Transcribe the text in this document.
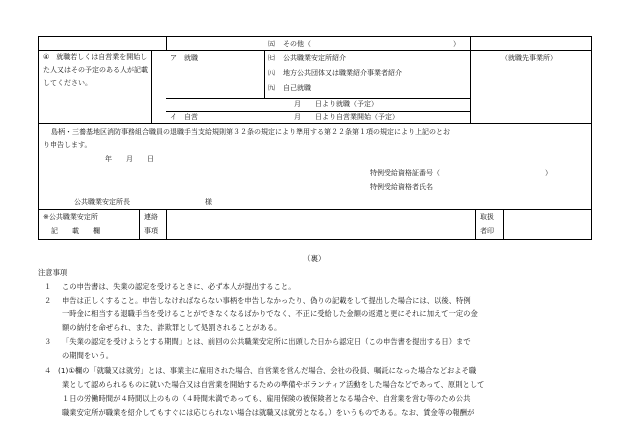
㈤ その他（	）
④　就職若しくは自営業を開始した人又はその予定のある人が記載してください。
ア　就職	㈦ 公共職業安定所紹介
㈧ 地方公共団体又は職業紹介事業者紹介
㈨ 自己就職
月　　日より就職（予定）
（就職先事業所）
イ　自営	月　　日より自営業開始（予定）
島柄・三養基地区消防事務組合職員の退職手当支給規則第３２条の規定により準用する第２２条第１項の規定により上記のとお
り申告します。
年　　月　　日
特例受給資格証番号（	）
特例受給資格者氏名
公共職業安定所長	様
※公共職業安定所
記　　載　　欄
連絡
事項
取扱
者印
（裏）
注意事項
１ この申告書は、失業の認定を受けるときに、必ず本人が提出すること。
２ 申告は正しくすること。申告しなければならない事柄を申告しなかったり、偽りの記載をして提出した場合には、以後、特例
一時金に相当する退職手当を受けることができなくなるばかりでなく、不正に受給した金額の返還と更にそれに加えて一定の金
額の納付を命ぜられ、また、詐欺罪として処罰されることがある。
３ 「失業の認定を受けようとする期間」とは、前回の公共職業安定所に出頭した日から認定日（この申告書を提出する日）まで
の期間をいう。
４ (1)①欄の「就職又は就労」とは、事業主に雇用された場合、自営業を営んだ場合、会社の役員、嘱託になった場合などおよそ職
業として認められるものに就いた場合又は自営業を開始するための準備やボランティア活動をした場合などであって、原則として
１日の労働時間が４時間以上のもの（４時間未満であっても、雇用保険の被保険者となる場合や、自営業を営む等のため公共
職業安定所が職業を紹介してもすぐには応じられない場合は就職又は就労となる。）をいうものである。なお、賃金等の報酬が
